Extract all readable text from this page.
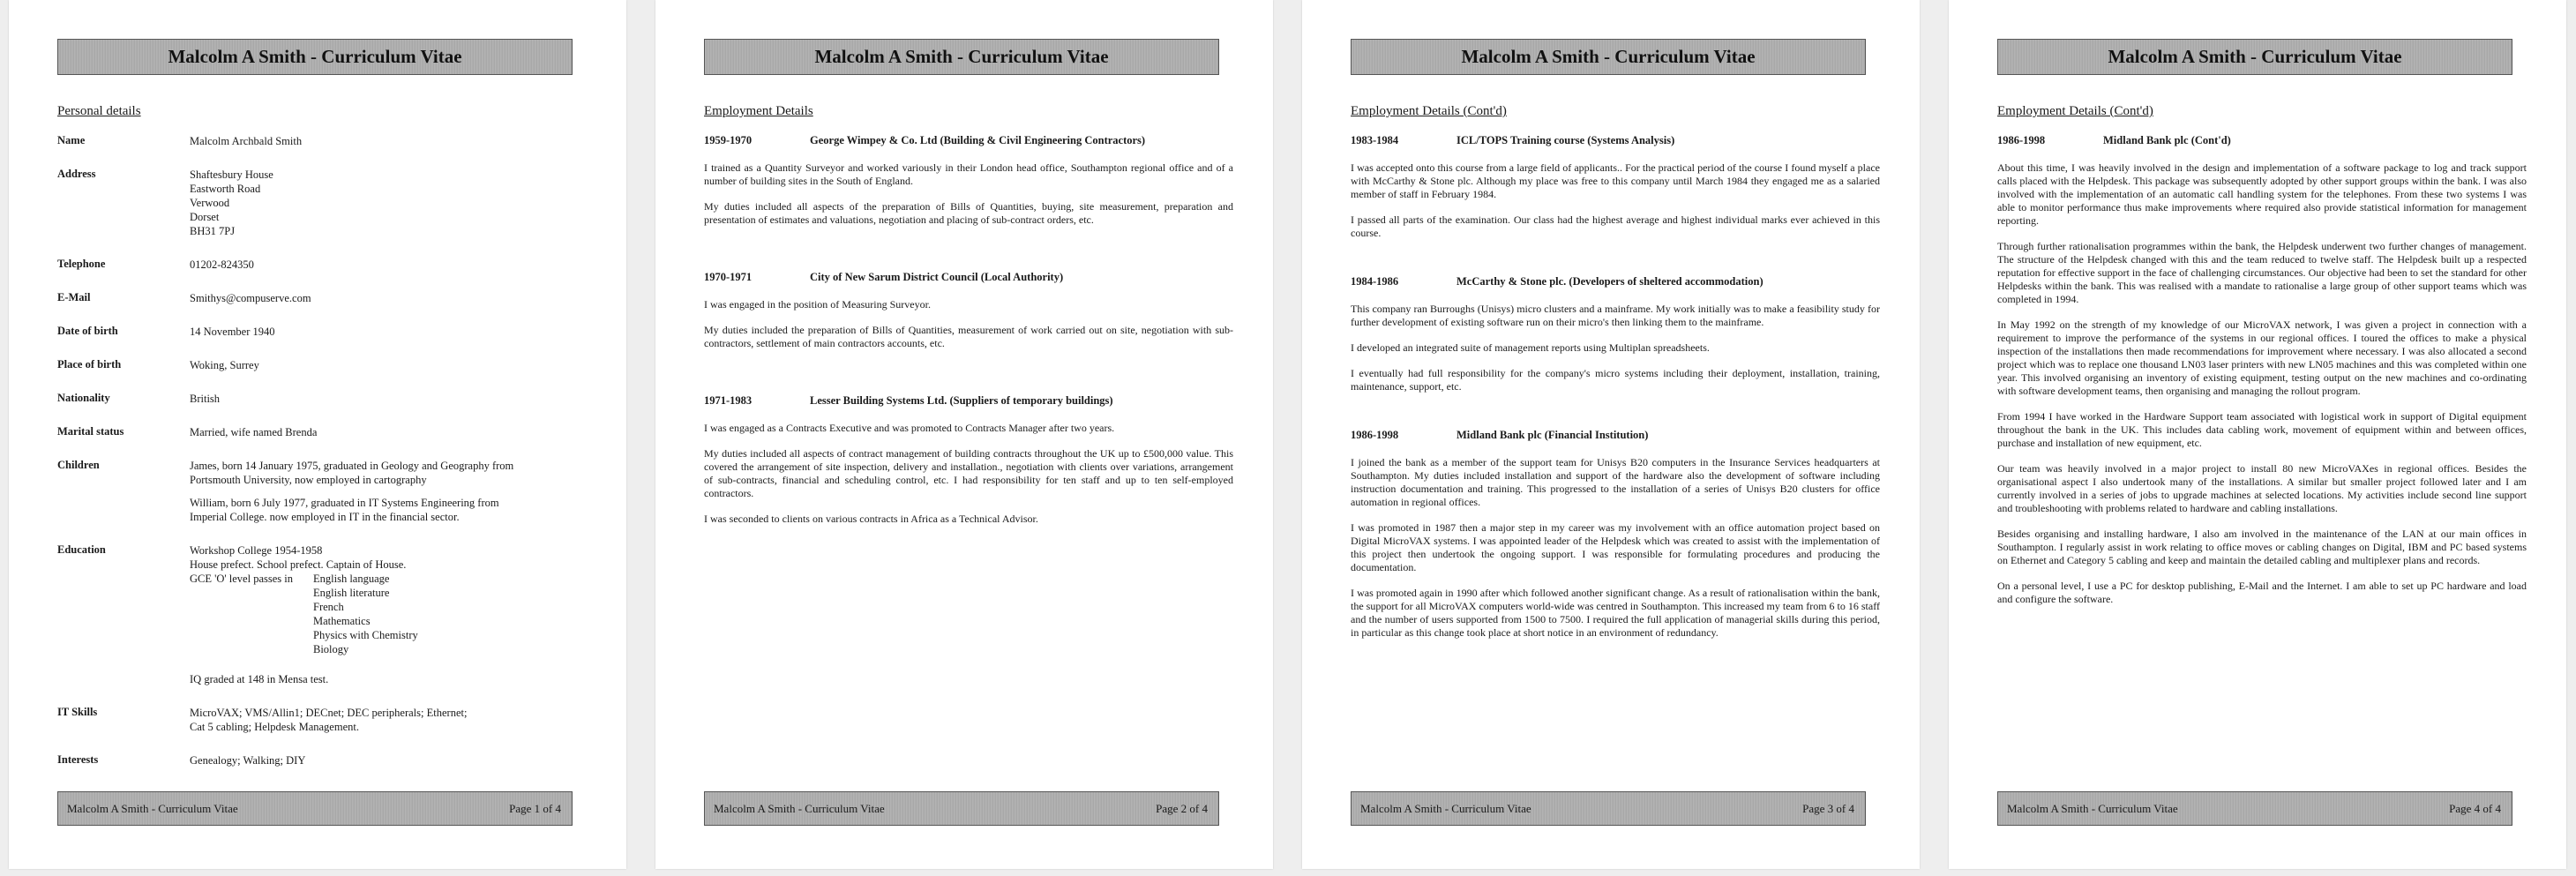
Malcolm A Smith - Curriculum Vitae
Personal details
Name	Malcolm Archbald Smith
Address	Shaftesbury House
Eastworth Road
Verwood
Dorset
BH31 7PJ
Telephone	01202-824350
E-Mail	Smithys@compuserve.com
Date of birth	14 November 1940
Place of birth	Woking, Surrey
Nationality	British
Marital status	Married, wife named Brenda
Children	James, born 14 January 1975, graduated in Geology and Geography from
Portsmouth University, now employed in cartography
William, born 6 July 1977, graduated in IT Systems Engineering from
Imperial College. now employed in IT in the financial sector.
Education	Workshop College 1954-1958
House prefect. School prefect. Captain of House.
GCE 'O' level passes in	English language
English literature
French
Mathematics
Physics with Chemistry
Biology
IQ graded at 148 in Mensa test.
IT Skills	MicroVAX; VMS/Allin1; DECnet; DEC peripherals; Ethernet;
Cat 5 cabling; Helpdesk Management.
Interests	Genealogy; Walking; DIY
Malcolm A Smith - Curriculum Vitae	Page 1 of 4
Malcolm A Smith - Curriculum Vitae
Employment Details
1959-1970	George Wimpey & Co. Ltd (Building & Civil Engineering Contractors)

I trained as a Quantity Surveyor and worked variously in their London head office, Southampton regional office and of a number of building sites in the South of England.

My duties included all aspects of the preparation of Bills of Quantities, buying, site measurement, preparation and presentation of estimates and valuations, negotiation and placing of sub-contract orders, etc.

1970-1971	City of New Sarum District Council (Local Authority)

I was engaged in the position of Measuring Surveyor.

My duties included the preparation of Bills of Quantities, measurement of work carried out on site, negotiation with sub-contractors, settlement of main contractors accounts, etc.

1971-1983	Lesser Building Systems Ltd. (Suppliers of temporary buildings)

I was engaged as a Contracts Executive and was promoted to Contracts Manager after two years.

My duties included all aspects of contract management of building contracts throughout the UK up to £500,000 value. This covered the arrangement of site inspection, delivery and installation., negotiation with clients over variations, arrangement of sub-contracts, financial and scheduling control, etc. I had responsibility for ten staff and up to ten self-employed contractors.

I was seconded to clients on various contracts in Africa as a Technical Advisor.

Malcolm A Smith - Curriculum Vitae	Page 2 of 4
Malcolm A Smith - Curriculum Vitae
Employment Details (Cont'd)
1983-1984	ICL/TOPS Training course (Systems Analysis)

I was accepted onto this course from a large field of applicants.. For the practical period of the course I found myself a place with McCarthy & Stone plc. Although my place was free to this company until March 1984 they engaged me as a salaried member of staff in February 1984.

I passed all parts of the examination. Our class had the highest average and highest individual marks ever achieved in this course.

1984-1986	McCarthy & Stone plc. (Developers of sheltered accommodation)

This company ran Burroughs (Unisys) micro clusters and a mainframe. My work initially was to make a feasibility study for further development of existing software run on their micro's then linking them to the mainframe.

I developed an integrated suite of management reports using Multiplan spreadsheets.

I eventually had full responsibility for the company's micro systems including their deployment, installation, training, maintenance, support, etc.

1986-1998	Midland Bank plc (Financial Institution)

I joined the bank as a member of the support team for Unisys B20 computers in the Insurance Services headquarters at Southampton. My duties included installation and support of the hardware also the development of software including instruction documentation and training. This progressed to the installation of a series of Unisys B20 clusters for office automation in regional offices.

I was promoted in 1987 then a major step in my career was my involvement with an office automation project based on Digital MicroVAX systems. I was appointed leader of the Helpdesk which was created to assist with the implementation of this project then undertook the ongoing support. I was responsible for formulating procedures and producing the documentation.

I was promoted again in 1990 after which followed another significant change. As a result of rationalisation within the bank, the support for all MicroVAX computers world-wide was centred in Southampton. This increased my team from 6 to 16 staff and the number of users supported from 1500 to 7500. I required the full application of managerial skills during this period, in particular as this change took place at short notice in an environment of redundancy.

Malcolm A Smith - Curriculum Vitae	Page 3 of 4
Malcolm A Smith - Curriculum Vitae
Employment Details (Cont'd)
1986-1998	Midland Bank plc (Cont'd)

About this time, I was heavily involved in the design and implementation of a software package to log and track support calls placed with the Helpdesk. This package was subsequently adopted by other support groups within the bank. I was also involved with the implementation of an automatic call handling system for the telephones. From these two systems I was able to monitor performance thus make improvements where required also provide statistical information for management reporting.

Through further rationalisation programmes within the bank, the Helpdesk underwent two further changes of management. The structure of the Helpdesk changed with this and the team reduced to twelve staff. The Helpdesk built up a respected reputation for effective support in the face of challenging circumstances. Our objective had been to set the standard for other Helpdesks within the bank. This was realised with a mandate to rationalise a large group of other support teams which was completed in 1994.

In May 1992 on the strength of my knowledge of our MicroVAX network, I was given a project in connection with a requirement to improve the performance of the systems in our regional offices. I toured the offices to make a physical inspection of the installations then made recommendations for improvement where necessary. I was also allocated a second project which was to replace one thousand LN03 laser printers with new LN05 machines and this was completed within one year. This involved organising an inventory of existing equipment, testing output on the new machines and co-ordinating with software development teams, then organising and managing the rollout program.

From 1994 I have worked in the Hardware Support team associated with logistical work in support of Digital equipment throughout the bank in the UK. This includes data cabling work, movement of equipment within and between offices, purchase and installation of new equipment, etc.

Our team was heavily involved in a major project to install 80 new MicroVAXes in regional offices. Besides the organisational aspect I also undertook many of the installations. A similar but smaller project followed later and I am currently involved in a series of jobs to upgrade machines at selected locations. My activities include second line support and troubleshooting with problems related to hardware and cabling installations.

Besides organising and installing hardware, I also am involved in the maintenance of the LAN at our main offices in Southampton. I regularly assist in work relating to office moves or cabling changes on Digital, IBM and PC based systems on Ethernet and Category 5 cabling and keep and maintain the detailed cabling and multiplexer plans and records.

On a personal level, I use a PC for desktop publishing, E-Mail and the Internet. I am able to set up PC hardware and load and configure the software.

Malcolm A Smith - Curriculum Vitae	Page 4 of 4
